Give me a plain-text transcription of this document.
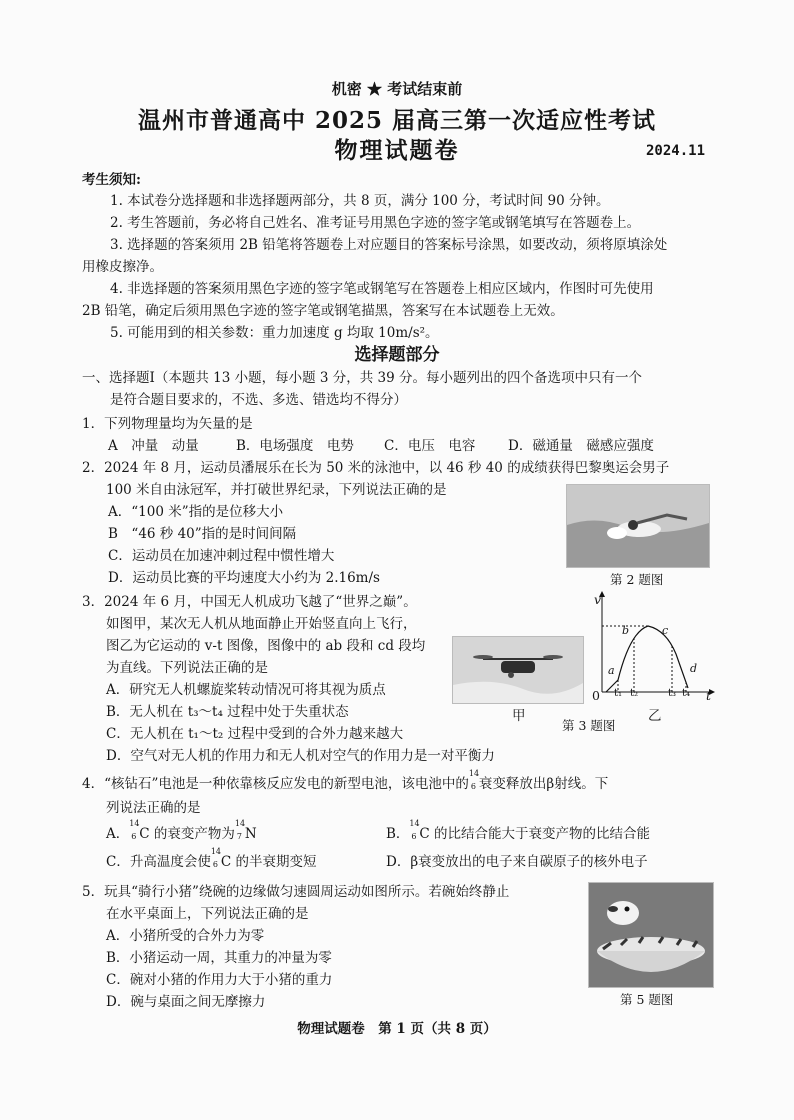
机密 ★ 考试结束前
温州市普通高中 2025 届高三第一次适应性考试
物理试题卷	2024.11
考生须知:
1. 本试卷分选择题和非选择题两部分，共 8 页，满分 100 分，考试时间 90 分钟。
2. 考生答题前，务必将自己姓名、准考证号用黑色字迹的签字笔或钢笔填写在答题卷上。
3. 选择题的答案须用 2B 铅笔将答题卷上对应题目的答案标号涂黑，如要改动，须将原填涂处
用橡皮擦净。
4. 非选择题的答案须用黑色字迹的签字笔或钢笔写在答题卷上相应区域内，作图时可先使用
2B 铅笔，确定后须用黑色字迹的签字笔或钢笔描黑，答案写在本试题卷上无效。
5. 可能用到的相关参数：重力加速度 g 均取 10m/s²。
选择题部分
一、选择题Ⅰ（本题共 13 小题，每小题 3 分，共 39 分。每小题列出的四个备选项中只有一个
是符合题目要求的，不选、多选、错选均不得分）
1．下列物理量均为矢量的是
A　冲量　动量	B．电场强度　电势 C．电压　电容 D．磁通量　磁感应强度
2．2024 年 8 月，运动员潘展乐在长为 50 米的泳池中，以 46 秒 40 的成绩获得巴黎奥运会男子
100 米自由泳冠军，并打破世界纪录，下列说法正确的是
A．“100 米”指的是位移大小
B　“46 秒 40”指的是时间间隔
C．运动员在加速冲刺过程中惯性增大
D．运动员比赛的平均速度大小约为 2.16m/s	第 2 题图
3．2024 年 6 月，中国无人机成功飞越了“世界之巅”。
如图甲，某次无人机从地面静止开始竖直向上飞行，
图乙为它运动的 v-t 图像，图像中的 ab 段和 cd 段均
为直线。下列说法正确的是
A．研究无人机螺旋桨转动情况可将其视为质点
B．无人机在 t₃～t₄ 过程中处于失重状态
C．无人机在 t₁～t₂ 过程中受到的合外力越来越大
D．空气对无人机的作用力和无人机对空气的作用力是一对平衡力
甲
v
t
0 t₁ t₂	t₃ t₄
a
b	c
d
乙
第 3 题图
4．“核钻石”电池是一种依靠核反应发电的新型电池，该电池中的
14
6 衰变释放出β射线。下
列说法正确的是
A．
14
6 C 的衰变产物为
14
7 N	B．
14
6 C 的比结合能大于衰变产物的比结合能
C．升高温度会使
14
6 C 的半衰期变短	D．β衰变放出的电子来自碳原子的核外电子
5．玩具“骑行小猪”绕碗的边缘做匀速圆周运动如图所示。若碗始终静止
在水平桌面上，下列说法正确的是
A．小猪所受的合外力为零
B．小猪运动一周，其重力的冲量为零
C．碗对小猪的作用力大于小猪的重力
D．碗与桌面之间无摩擦力	第 5 题图
物理试题卷　第 1 页（共 8 页）
